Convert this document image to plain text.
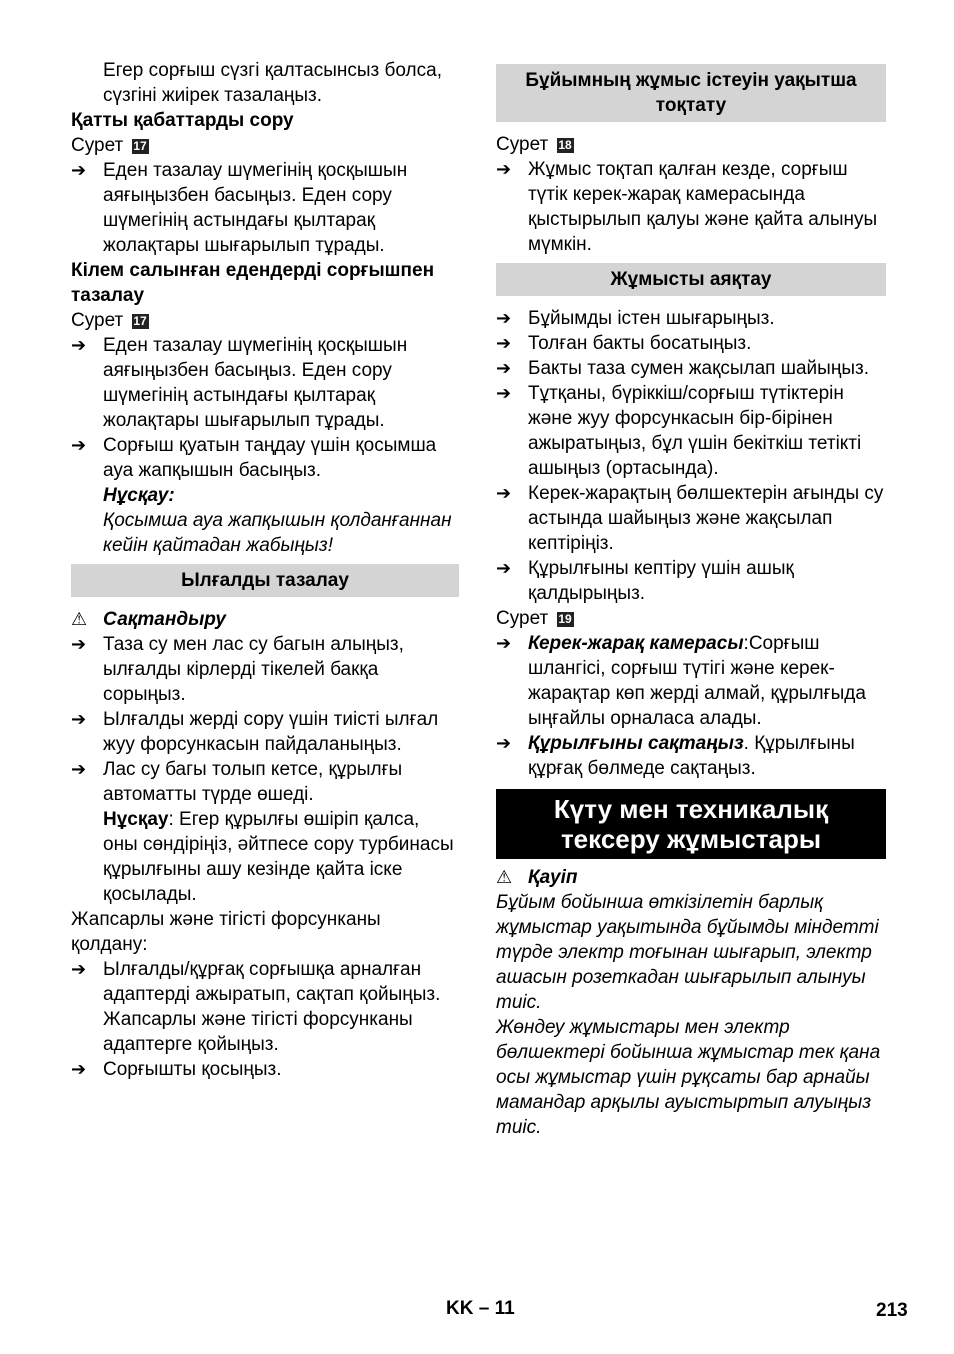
Егер сорғыш сүзгі қалтасынсыз болса, сүзгіні жиірек тазалаңыз.

Қатты қабаттарды сору

Сурет 17

➔ Еден тазалау шүмегінің қосқышын аяғыңызбен басыңыз. Еден сору шүмегінің астындағы қылтарақ жолақтары шығарылып тұрады.

Кілем салынған едендерді сорғышпен тазалау

Сурет 17

➔ Еден тазалау шүмегінің қосқышын аяғыңызбен басыңыз. Еден сору шүмегінің астындағы қылтарақ жолақтары шығарылып тұрады.
➔ Сорғыш қуатын таңдау үшін қосымша ауа жапқышын басыңыз.

Нұсқау:

Қосымша ауа жапқышын қолданғаннан кейін қайтадан жабыңыз!

Ылғалды тазалау
⚠ Сақтандыру
➔ Таза су мен лас су багын алыңыз, ылғалды кірлерді тікелей бакқа сорыңыз.
➔ Ылғалды жерді сору үшін тиісті ылғал жуу форсункасын пайдаланыңыз.
➔ Лас су багы толып кетсе, құрылғы автоматты түрде өшеді.

Нұсқау: Егер құрылғы өшіріп қалса, оны сөндіріңіз, әйтпесе сору турбинасы құрылғыны ашу кезінде қайта іске қосылады.

Жапсарлы және тігісті форсунканы қолдану:

➔ Ылғалды/құрғақ сорғышқа арналған адаптерді ажыратып, сақтап қойыңыз. Жапсарлы және тігісті форсунканы адаптерге қойыңыз.
➔ Сорғышты қосыңыз.
Бұйымның жұмыс істеуін уақытша тоқтату

Сурет 18

➔ Жұмыс тоқтап қалған кезде, сорғыш түтік керек-жарақ камерасында қыстырылып қалуы және қайта алынуы мүмкін.
Жұмысты аяқтау
➔ Бұйымды істен шығарыңыз.
➔ Толған бакты босатыңыз.
➔ Бакты таза сумен жақсылап шайыңыз.
➔ Тұтқаны, бүріккіш/сорғыш түтіктерін және жуу форсункасын бір-бірінен ажыратыңыз, бұл үшін бекіткіш тетікті ашыңыз (ортасында).
➔ Керек-жарақтың бөлшектерін ағынды су астында шайыңыз және жақсылап кептіріңіз.
➔ Құрылғыны кептіру үшін ашық қалдырыңыз.

Сурет 19

➔ Керек-жарақ камерасы:Сорғыш шлангісі, сорғыш түтігі және керек-жарақтар көп жерді алмай, құрылғыда ыңғайлы орналаса алады.
➔ Құрылғыны сақтаңыз. Құрылғыны құрғақ бөлмеде сақтаңыз.
Күту мен техникалық тексеру жұмыстары
⚠ Қауіп

Бұйым бойынша өткізілетін барлық жұмыстар уақытында бұйымды міндетті түрде электр тоғынан шығарып, электр ашасын розеткадан шығарылып алынуы тиіс.

Жөндеу жұмыстары мен электр бөлшектері бойынша жұмыстар тек қана осы жұмыстар үшін рұқсаты бар арнайы мамандар арқылы ауыстыртып алуыңыз тиіс.

KK – 11	213
